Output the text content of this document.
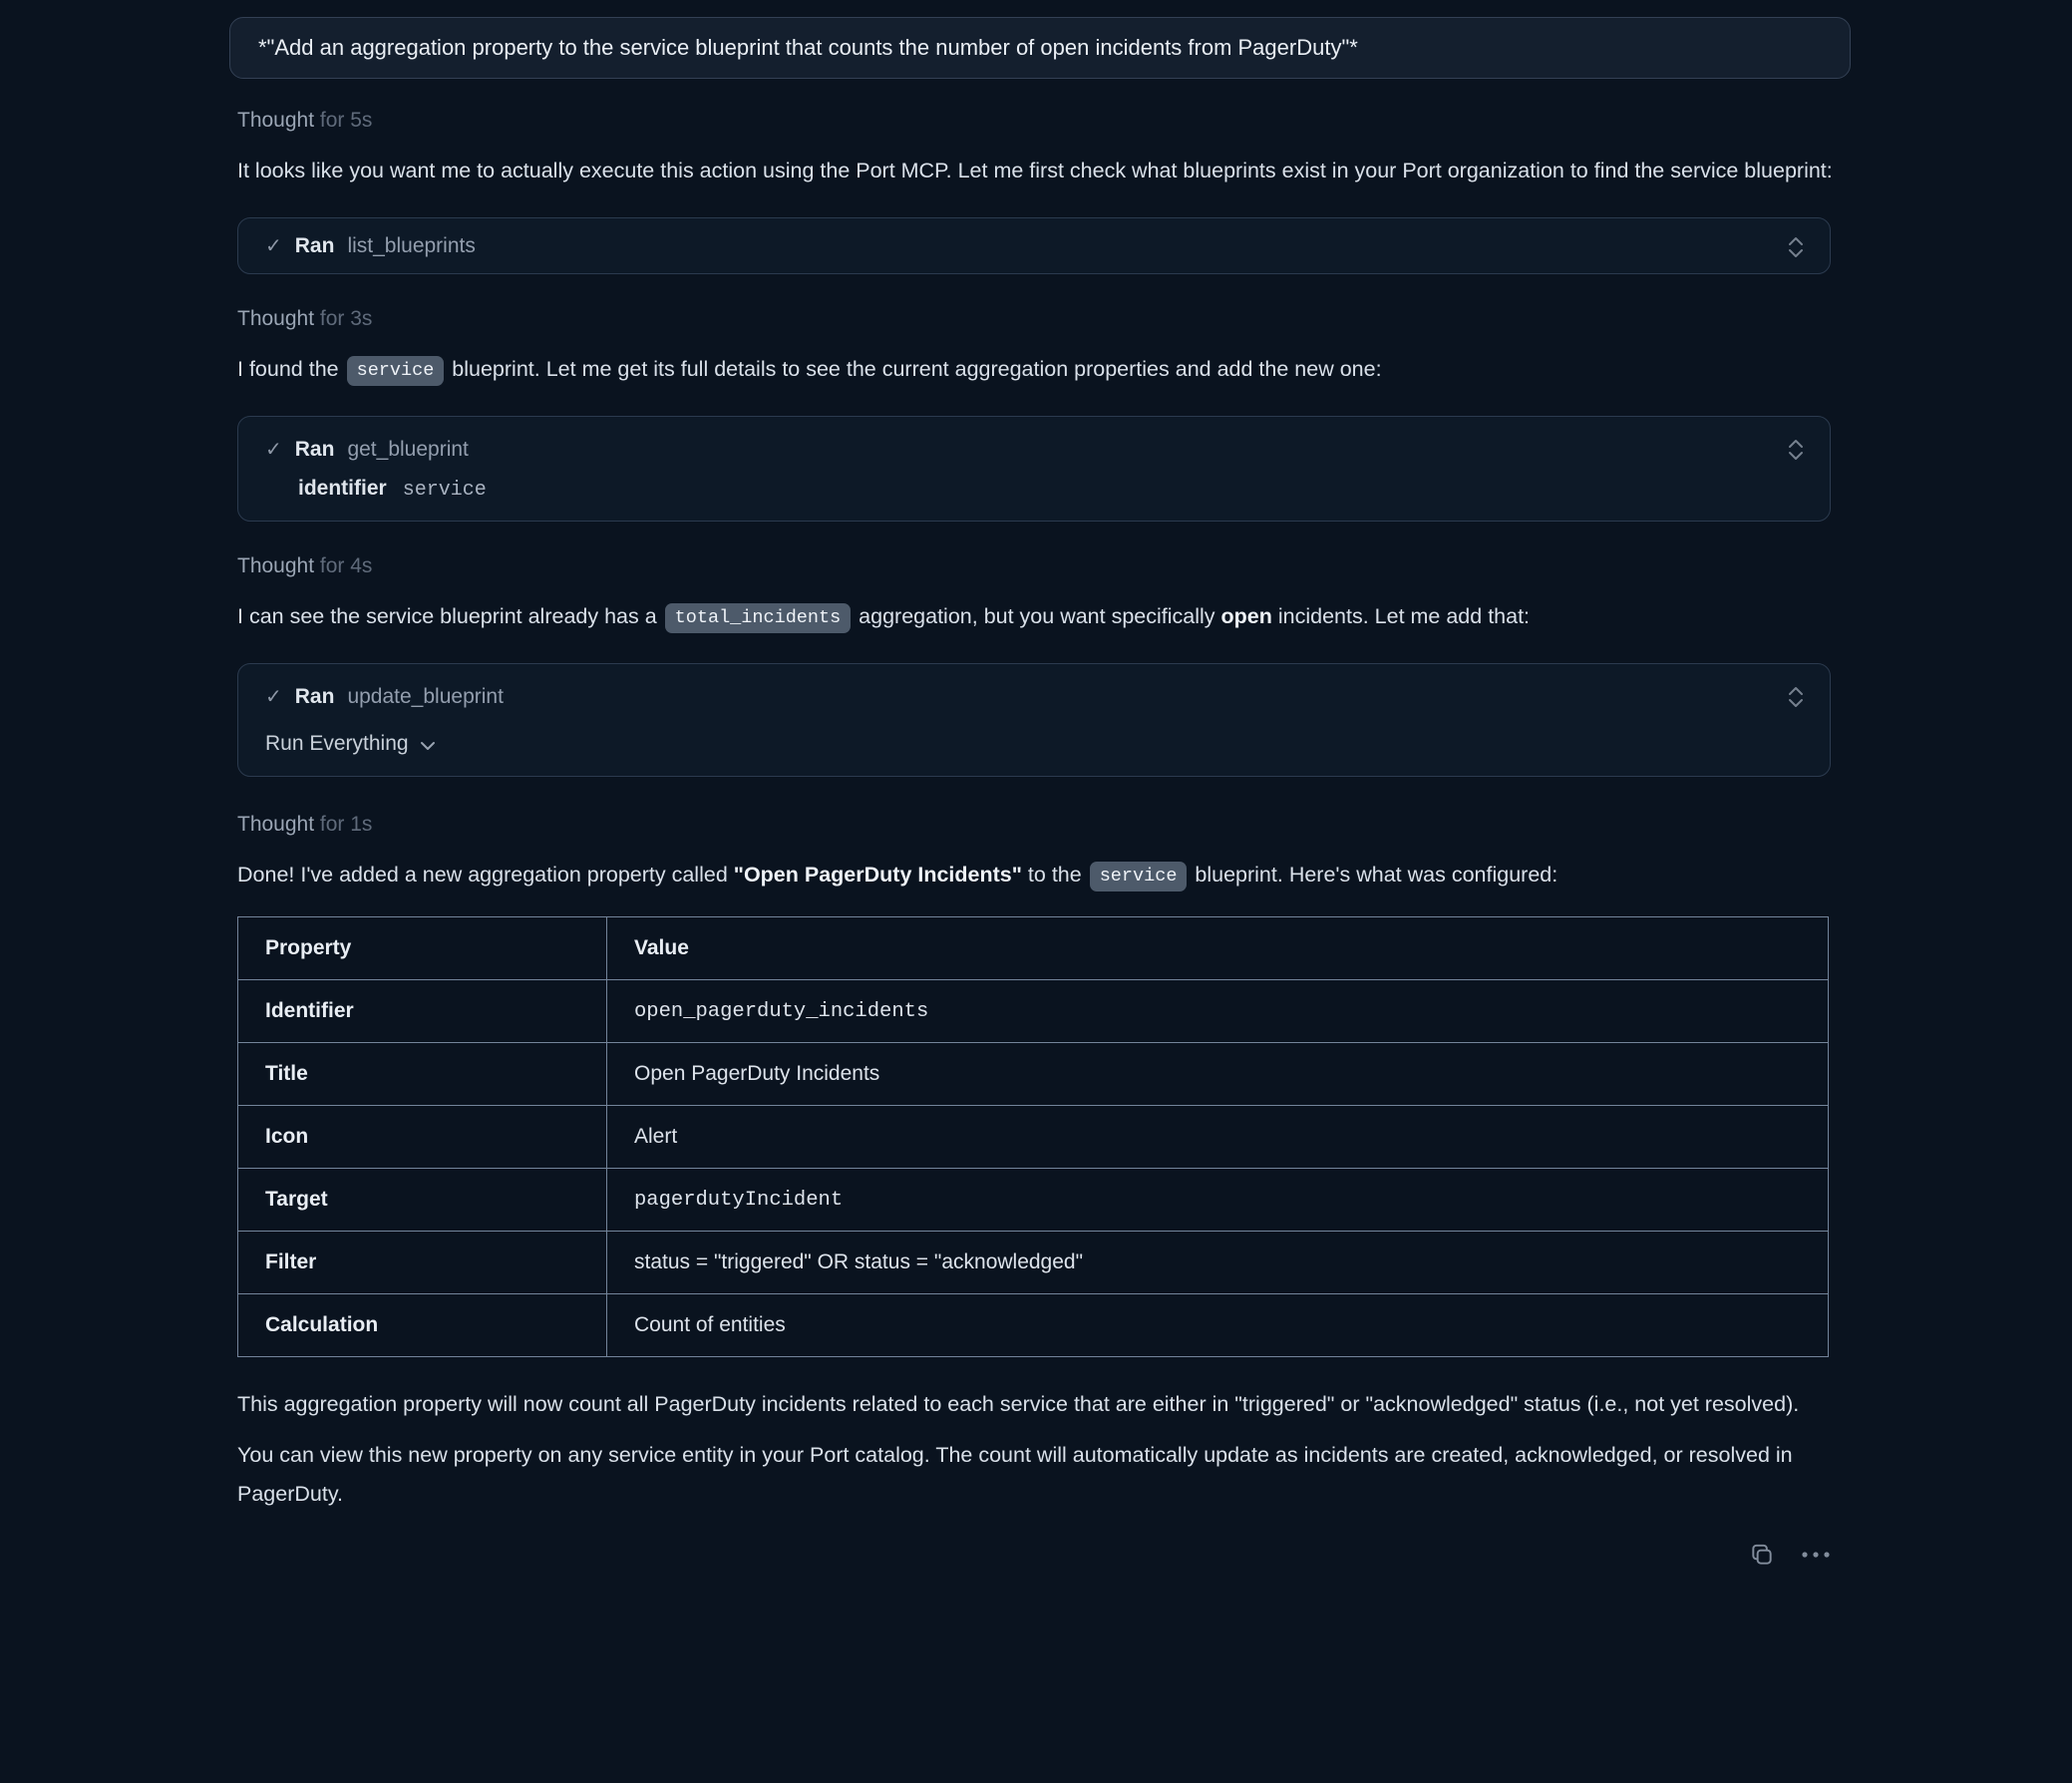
*"Add an aggregation property to the service blueprint that counts the number of open incidents from PagerDuty"*
Thought for 5s
It looks like you want me to actually execute this action using the Port MCP. Let me first check what blueprints exist in your Port organization to find the service blueprint:
✓ Ran list_blueprints
Thought for 3s
I found the service blueprint. Let me get its full details to see the current aggregation properties and add the new one:
✓ Ran get_blueprint
identifier service
Thought for 4s
I can see the service blueprint already has a total_incidents aggregation, but you want specifically open incidents. Let me add that:
✓ Ran update_blueprint
Run Everything
Thought for 1s
Done! I've added a new aggregation property called "Open PagerDuty Incidents" to the service blueprint. Here's what was configured:
Property	Value
Identifier	open_pagerduty_incidents
Title	Open PagerDuty Incidents
Icon	Alert
Target	pagerdutyIncident
Filter	status = "triggered" OR status = "acknowledged"
Calculation	Count of entities
This aggregation property will now count all PagerDuty incidents related to each service that are either in "triggered" or "acknowledged" status (i.e., not yet resolved).
You can view this new property on any service entity in your Port catalog. The count will automatically update as incidents are created, acknowledged, or resolved in PagerDuty.
